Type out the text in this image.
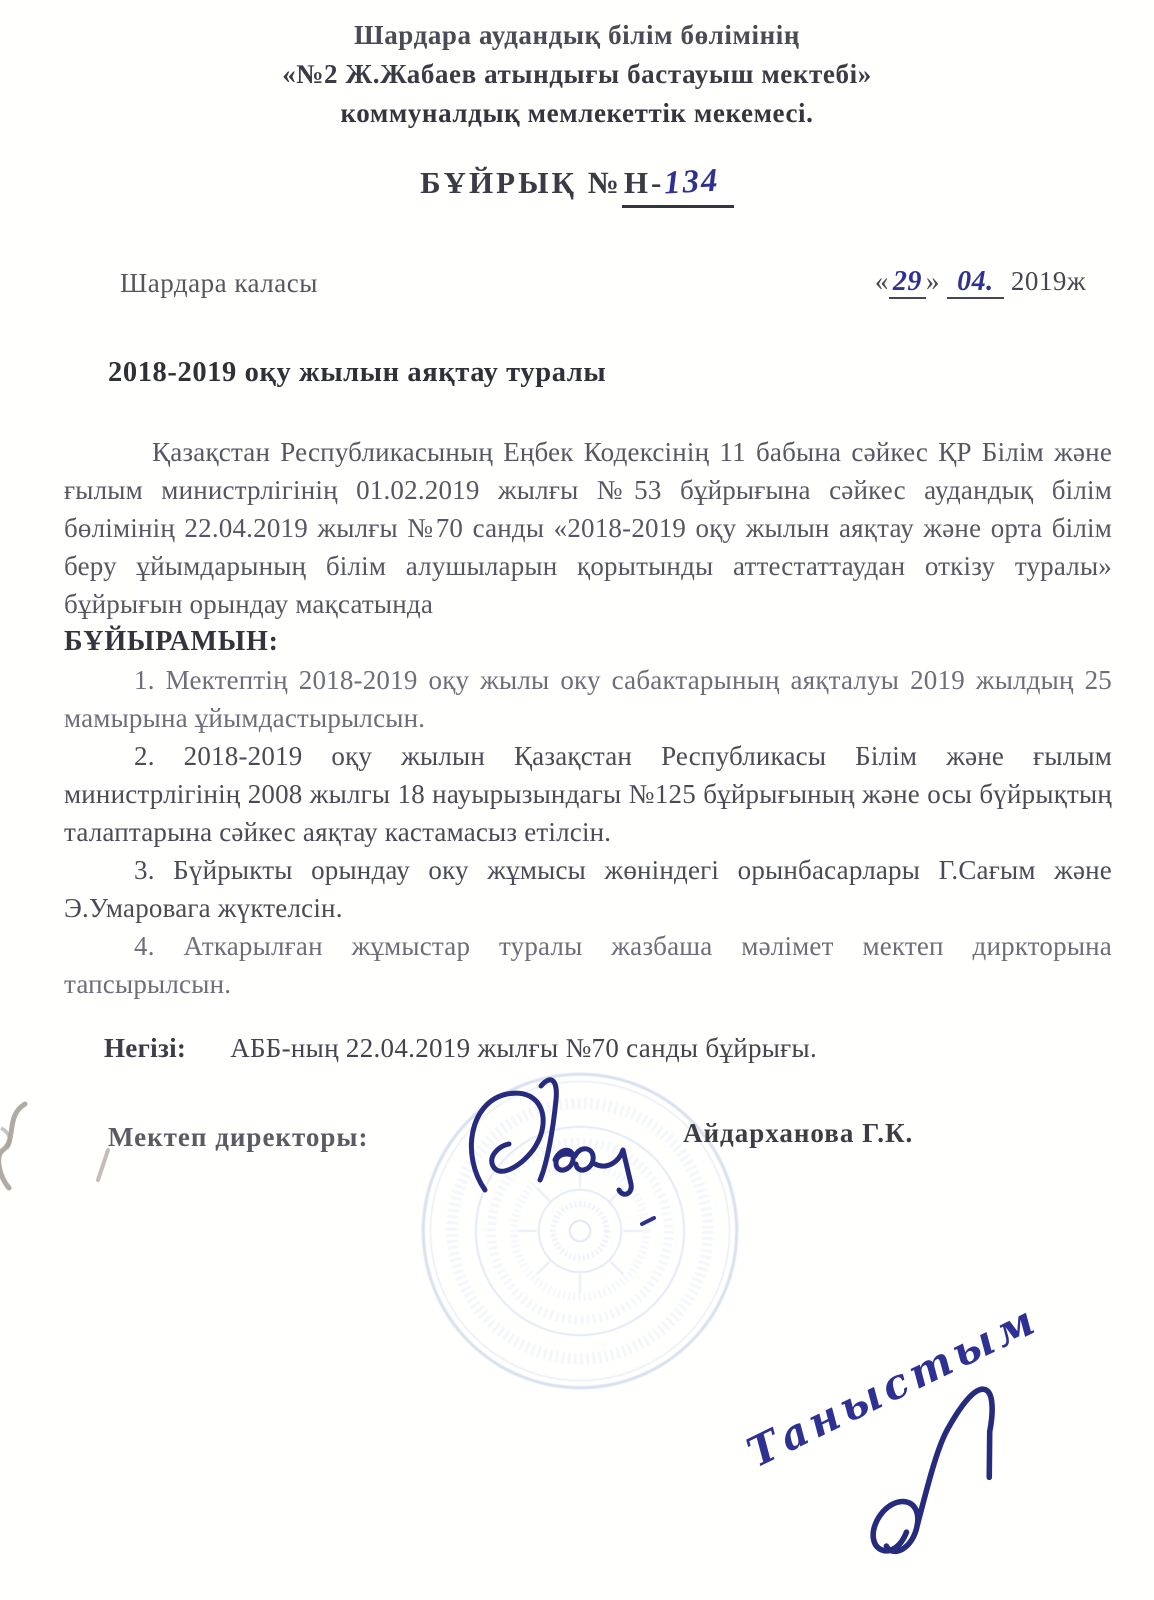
Шардара аудандық білім бөлімінің
«№2 Ж.Жабаев атындығы бастауыш мектебі»
коммуналдық мемлекеттік мекемесі.
БҰЙРЫҚ №Н-134
Шардара каласы	« 29 » 04. 2019ж
2018-2019 оқу жылын аяқтау туралы

Қазақстан Республикасының Еңбек Кодексінің 11 бабына сәйкес ҚР Білім және ғылым министрлігінің 01.02.2019 жылғы №53 бұйрығына сәйкес аудандық білім бөлімінің 22.04.2019 жылғы №70 санды «2018-2019 оқу жылын аяқтау және орта білім беру ұйымдарының білім алушыларын қорытынды аттестаттаудан откізу туралы» бұйрығын орындау мақсатында

БҰЙЫРАМЫН:

1. Мектептің 2018-2019 оқу жылы оку сабактарының аяқталуы 2019 жылдың 25 мамырына ұйымдастырылсын.

2. 2018-2019 оқу жылын Қазақстан Республикасы Білім және ғылым министрлігінің 2008 жылгы 18 науырызындагы №125 бұйрығының және осы бүйрықтың талаптарына сәйкес аяқтау кастамасыз етілсін.

3. Бүйрыкты орындау оку жұмысы жөніндегі орынбасарлары Г.Сағым және Э.Умаровага жүктелсін.

4. Аткарылған жұмыстар туралы жазбаша мәлімет мектеп диркторына тапсырылсын.

Негізі: АББ-ның 22.04.2019 жылғы №70 санды бұйрығы.
Мектеп директоры:	Айдарханова Г.К.
Таныстым
